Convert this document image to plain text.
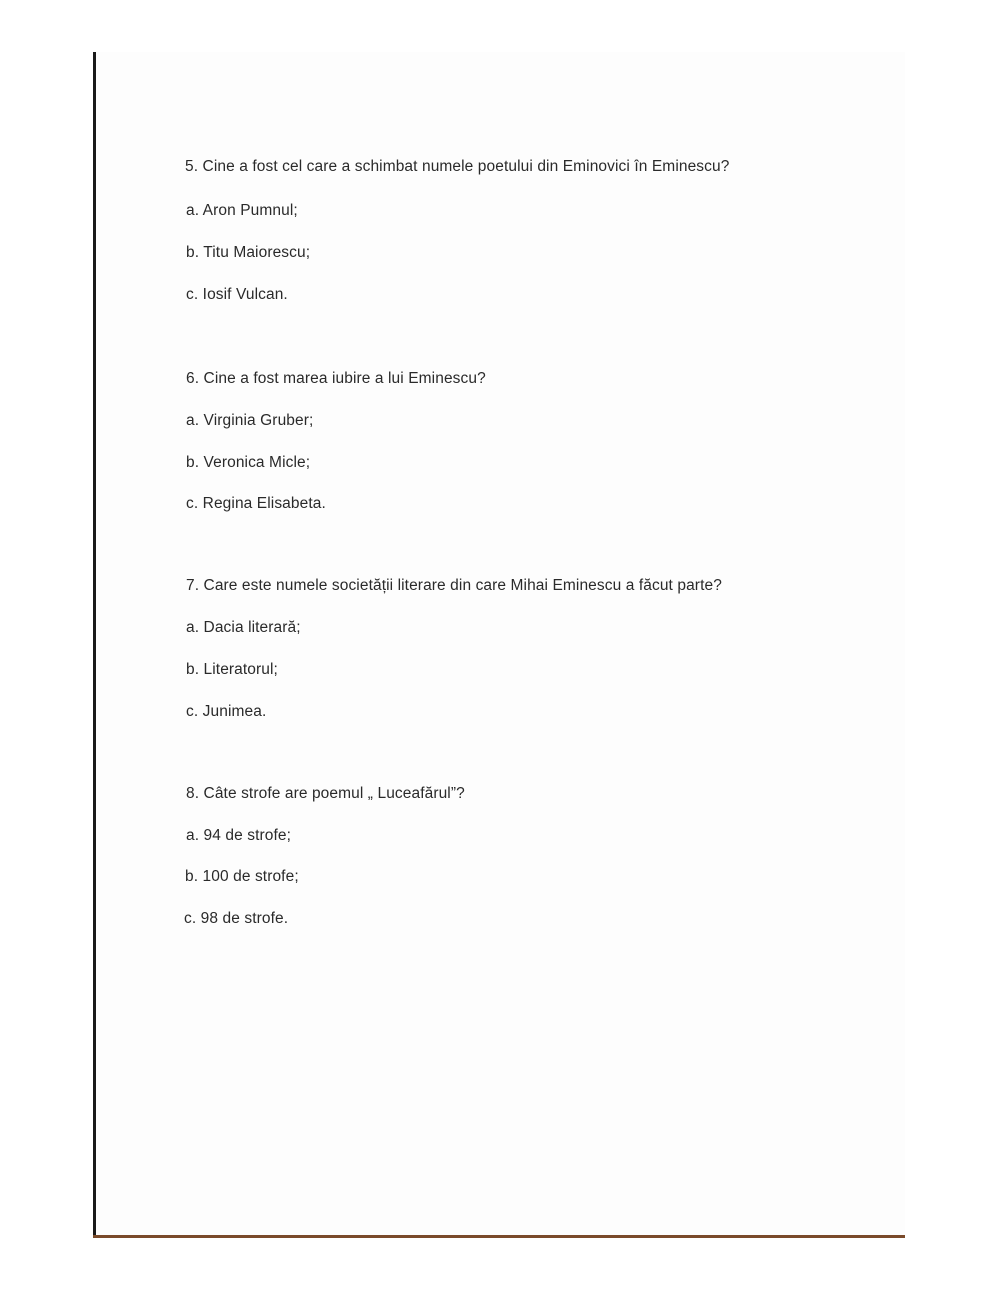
5. Cine a fost cel care a schimbat numele poetului din Eminovici în Eminescu?
a. Aron Pumnul;
b. Titu Maiorescu;
c. Iosif Vulcan.
6. Cine a fost marea iubire a lui Eminescu?
a. Virginia Gruber;
b. Veronica Micle;
c. Regina Elisabeta.
7. Care este numele societății literare din care Mihai Eminescu a făcut parte?
a. Dacia literară;
b. Literatorul;
c. Junimea.
8. Câte strofe are poemul „ Luceafărul”?
a. 94 de strofe;
b. 100 de strofe;
c. 98 de strofe.
